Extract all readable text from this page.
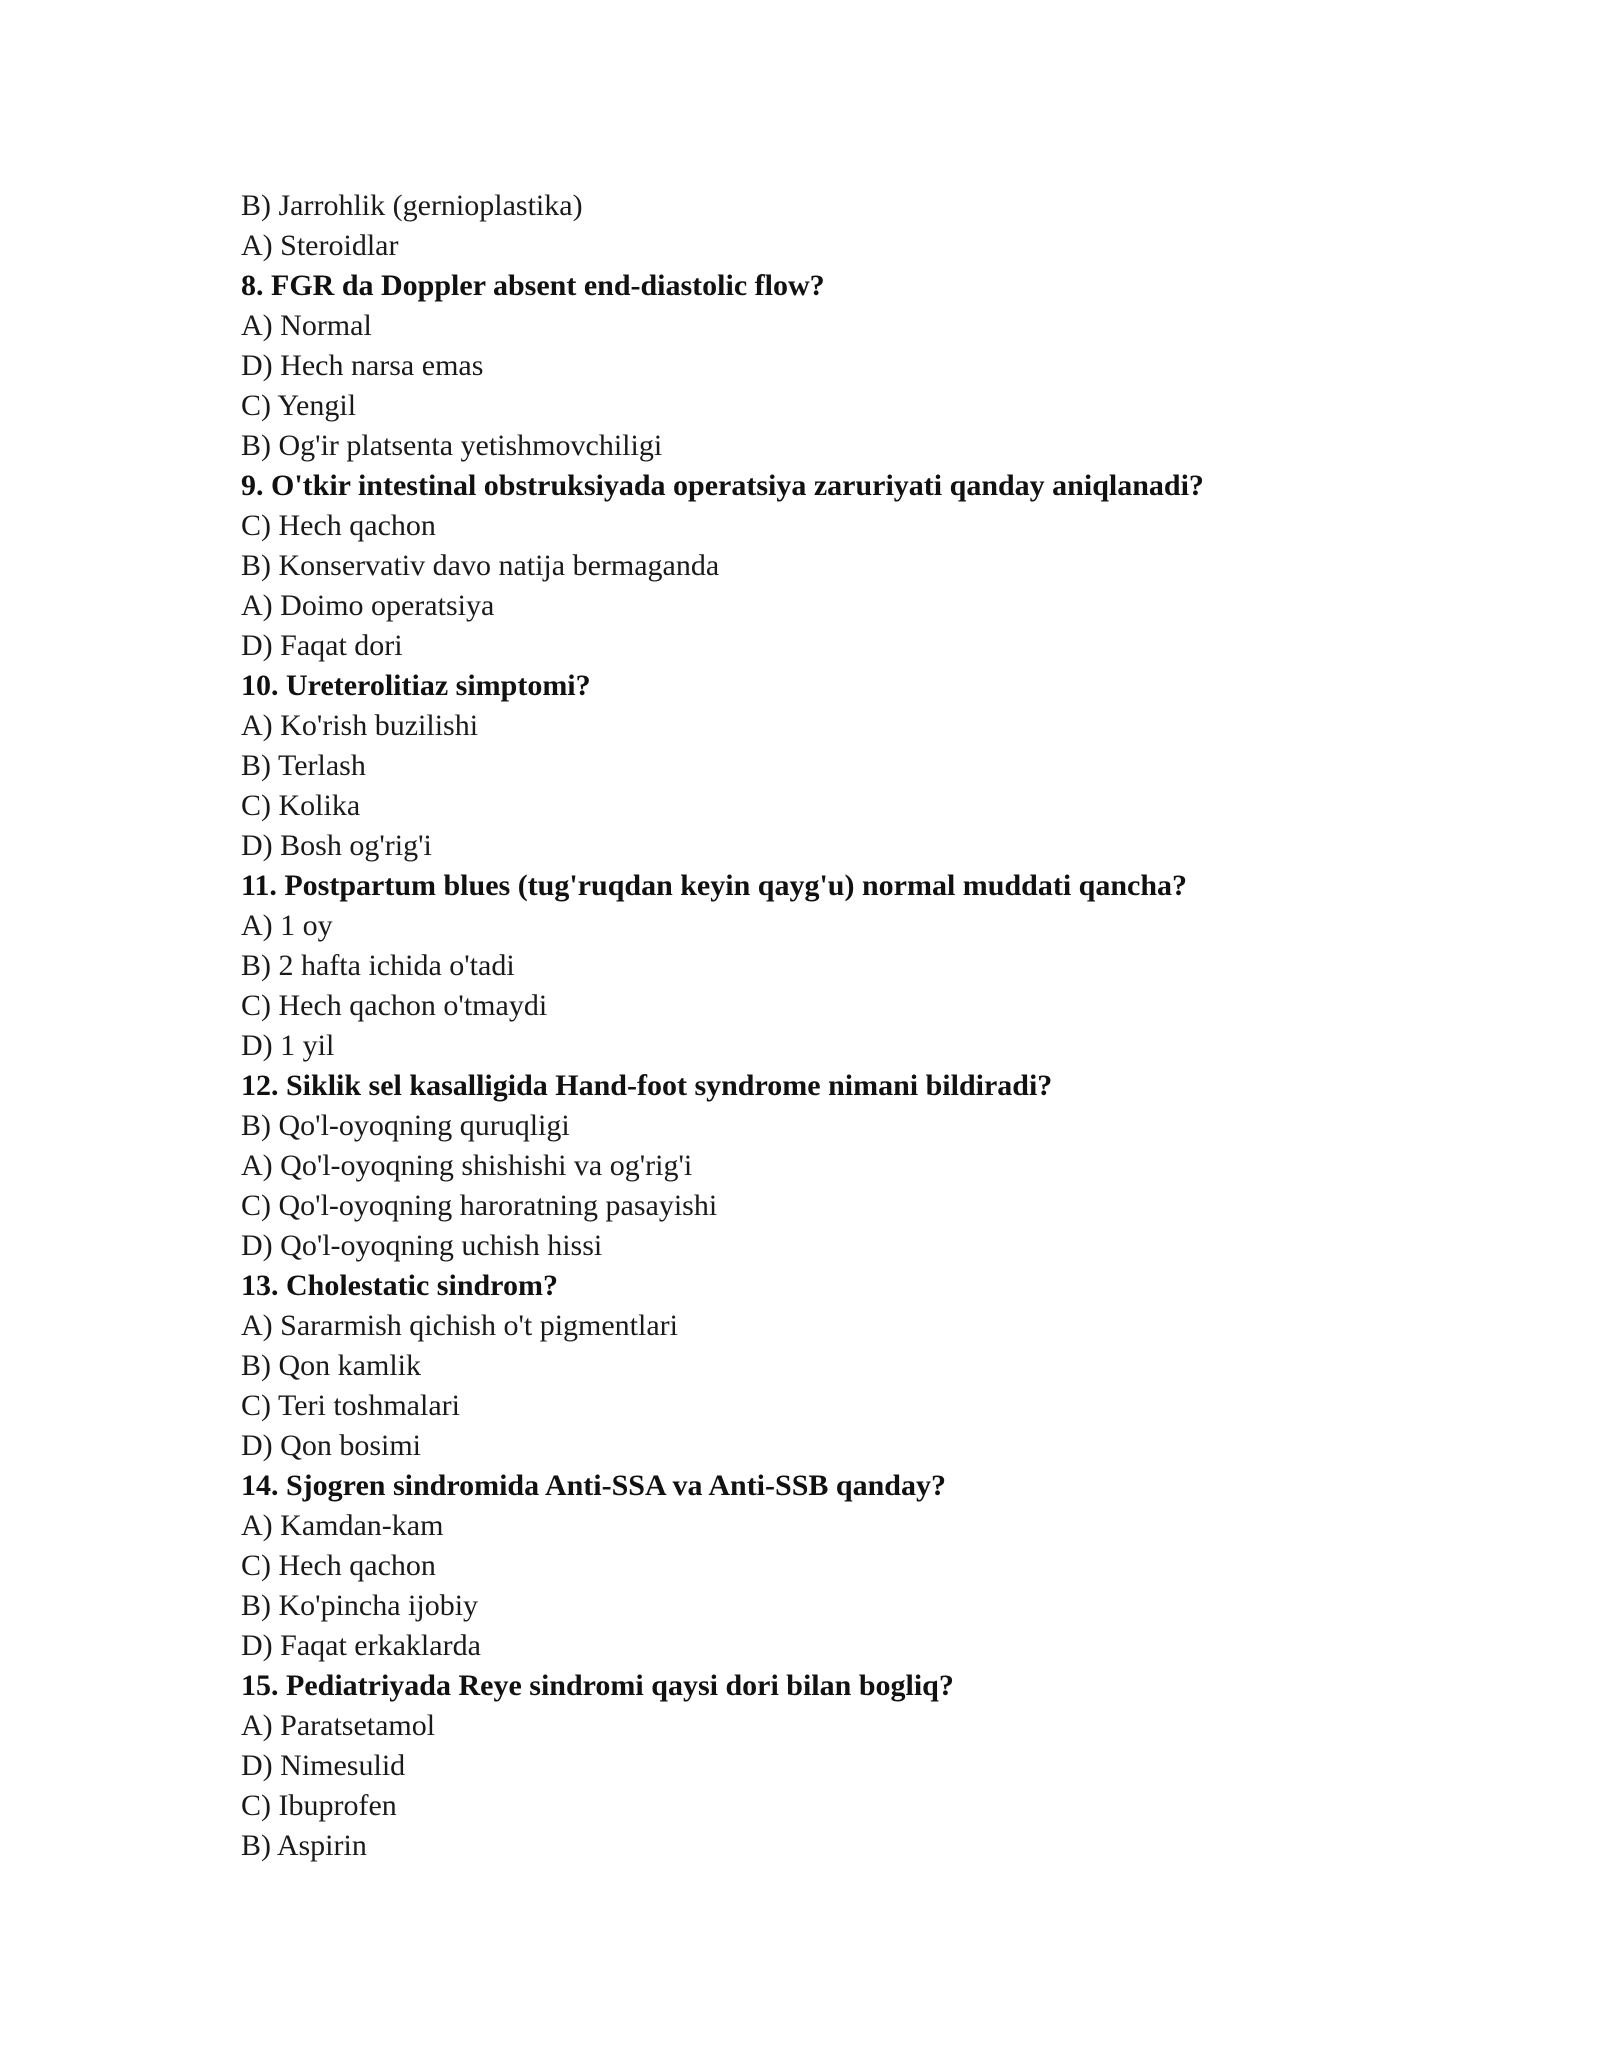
B) Jarrohlik (gernioplastika)
A) Steroidlar
8. FGR da Doppler absent end-diastolic flow?
A) Normal
D) Hech narsa emas
C) Yengil
B) Og'ir platsenta yetishmovchiligi
9. O'tkir intestinal obstruksiyada operatsiya zaruriyati qanday aniqlanadi?
C) Hech qachon
B) Konservativ davo natija bermaganda
A) Doimo operatsiya
D) Faqat dori
10. Ureterolitiaz simptomi?
A) Ko'rish buzilishi
B) Terlash
C) Kolika
D) Bosh og'rig'i
11. Postpartum blues (tug'ruqdan keyin qayg'u) normal muddati qancha?
A) 1 oy
B) 2 hafta ichida o'tadi
C) Hech qachon o'tmaydi
D) 1 yil
12. Siklik sel kasalligida Hand-foot syndrome nimani bildiradi?
B) Qo'l-oyoqning quruqligi
A) Qo'l-oyoqning shishishi va og'rig'i
C) Qo'l-oyoqning haroratning pasayishi
D) Qo'l-oyoqning uchish hissi
13. Cholestatic sindrom?
A) Sararmish qichish o't pigmentlari
B) Qon kamlik
C) Teri toshmalari
D) Qon bosimi
14. Sjogren sindromida Anti-SSA va Anti-SSB qanday?
A) Kamdan-kam
C) Hech qachon
B) Ko'pincha ijobiy
D) Faqat erkaklarda
15. Pediatriyada Reye sindromi qaysi dori bilan bogliq?
A) Paratsetamol
D) Nimesulid
C) Ibuprofen
B) Aspirin
